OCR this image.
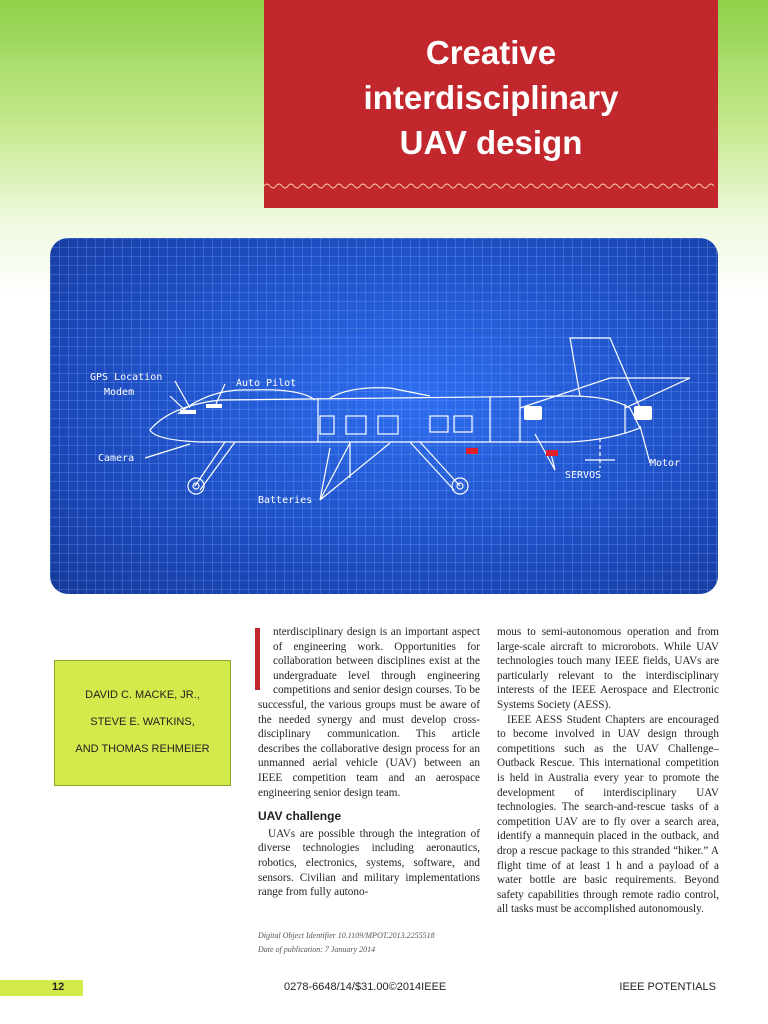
Creative
interdisciplinary
UAV design
GPS Location
Modem
Auto Pilot
Camera
Batteries
SERVOS
Motor
DAVID C. MACKE, JR.,
STEVE E. WATKINS,
AND THOMAS REHMEIER

nterdisciplinary design is an important aspect of engineering work. Opportunities for collaboration between disciplines exist at the undergraduate level through engineering competitions and senior design courses. To be successful, the various groups must be aware of the needed synergy and must develop cross-disciplinary communication. This article describes the collaborative design process for an unmanned aerial vehicle (UAV) between an IEEE competition team and an aerospace engineering senior design team.

UAV challenge

UAVs are possible through the integration of diverse technologies including aeronautics, robotics, electronics, systems, software, and sensors. Civilian and military implementations range from fully autono-

Digital Object Identifier 10.1109/MPOT.2013.2255518
Date of publication: 7 January 2014

mous to semi-autonomous operation and from large-scale aircraft to microrobots. While UAV technologies touch many IEEE fields, UAVs are particularly relevant to the interdisciplinary interests of the IEEE Aerospace and Electronic Systems Society (AESS).

IEEE AESS Student Chapters are encouraged to become involved in UAV design through competitions such as the UAV Challenge–Outback Rescue. This international competition is held in Australia every year to promote the development of interdisciplinary UAV technologies. The search-and-rescue tasks of a competition UAV are to fly over a search area, identify a mannequin placed in the outback, and drop a rescue package to this stranded “hiker.” A flight time of at least 1 h and a payload of a water bottle are basic requirements. Beyond safety capabilities through remote radio control, all tasks must be accomplished autonomously.

12	0278-6648/14/$31.00©2014IEEE	IEEE POTENTIALS
